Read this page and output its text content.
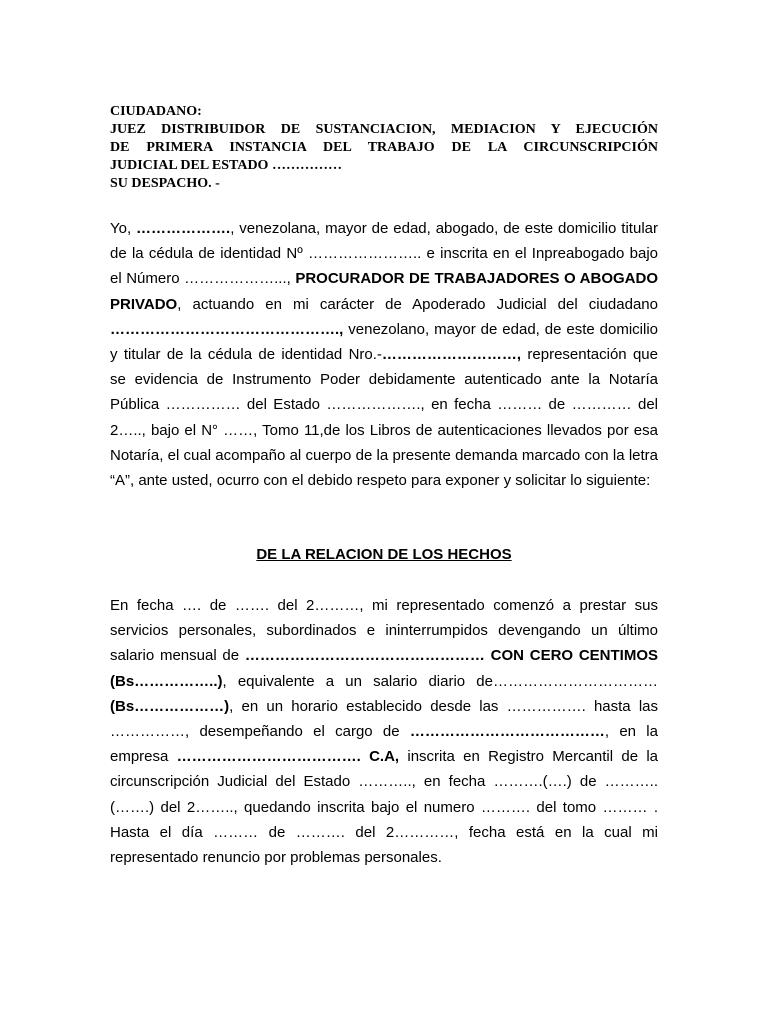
CIUDADANO:
JUEZ DISTRIBUIDOR DE SUSTANCIACION, MEDIACION Y EJECUCIÓN
DE PRIMERA INSTANCIA DEL TRABAJO DE LA CIRCUNSCRIPCIÓN
JUDICIAL DEL ESTADO ……………
SU DESPACHO. -

Yo, ………………., venezolana, mayor de edad, abogado, de este domicilio titular de la cédula de identidad Nº ………………….. e inscrita en el Inpreabogado bajo el Número ………………..., PROCURADOR DE TRABAJADORES O ABOGADO PRIVADO, actuando en mi carácter de Apoderado Judicial del ciudadano ………………………………………., venezolano, mayor de edad, de este domicilio y titular de la cédula de identidad Nro.-………………………, representación que se evidencia de Instrumento Poder debidamente autenticado ante la Notaría Pública …………… del Estado ………………., en fecha ……… de ………… del 2….., bajo el N° ……, Tomo 11,de los Libros de autenticaciones llevados por esa Notaría, el cual acompaño al cuerpo de la presente demanda marcado con la letra “A”, ante usted, ocurro con el debido respeto para exponer y solicitar lo siguiente:

DE LA RELACION DE LOS HECHOS

En fecha …. de ……. del 2………, mi representado comenzó a prestar sus servicios personales, subordinados e ininterrumpidos devengando un último salario mensual de ………………………………………… CON CERO CENTIMOS (Bs……………..), equivalente a un salario diario de…………………………… (Bs………………), en un horario establecido desde las ……………. hasta las ……………, desempeñando el cargo de …………………………………, en la empresa ………………………………. C.A, inscrita en Registro Mercantil de la circunscripción Judicial del Estado ……….., en fecha ……….(….) de ………..(…….) del 2…….., quedando inscrita bajo el numero ………. del tomo ……… . Hasta el día ……… de ………. del 2…………, fecha está en la cual mi representado renuncio por problemas personales.
